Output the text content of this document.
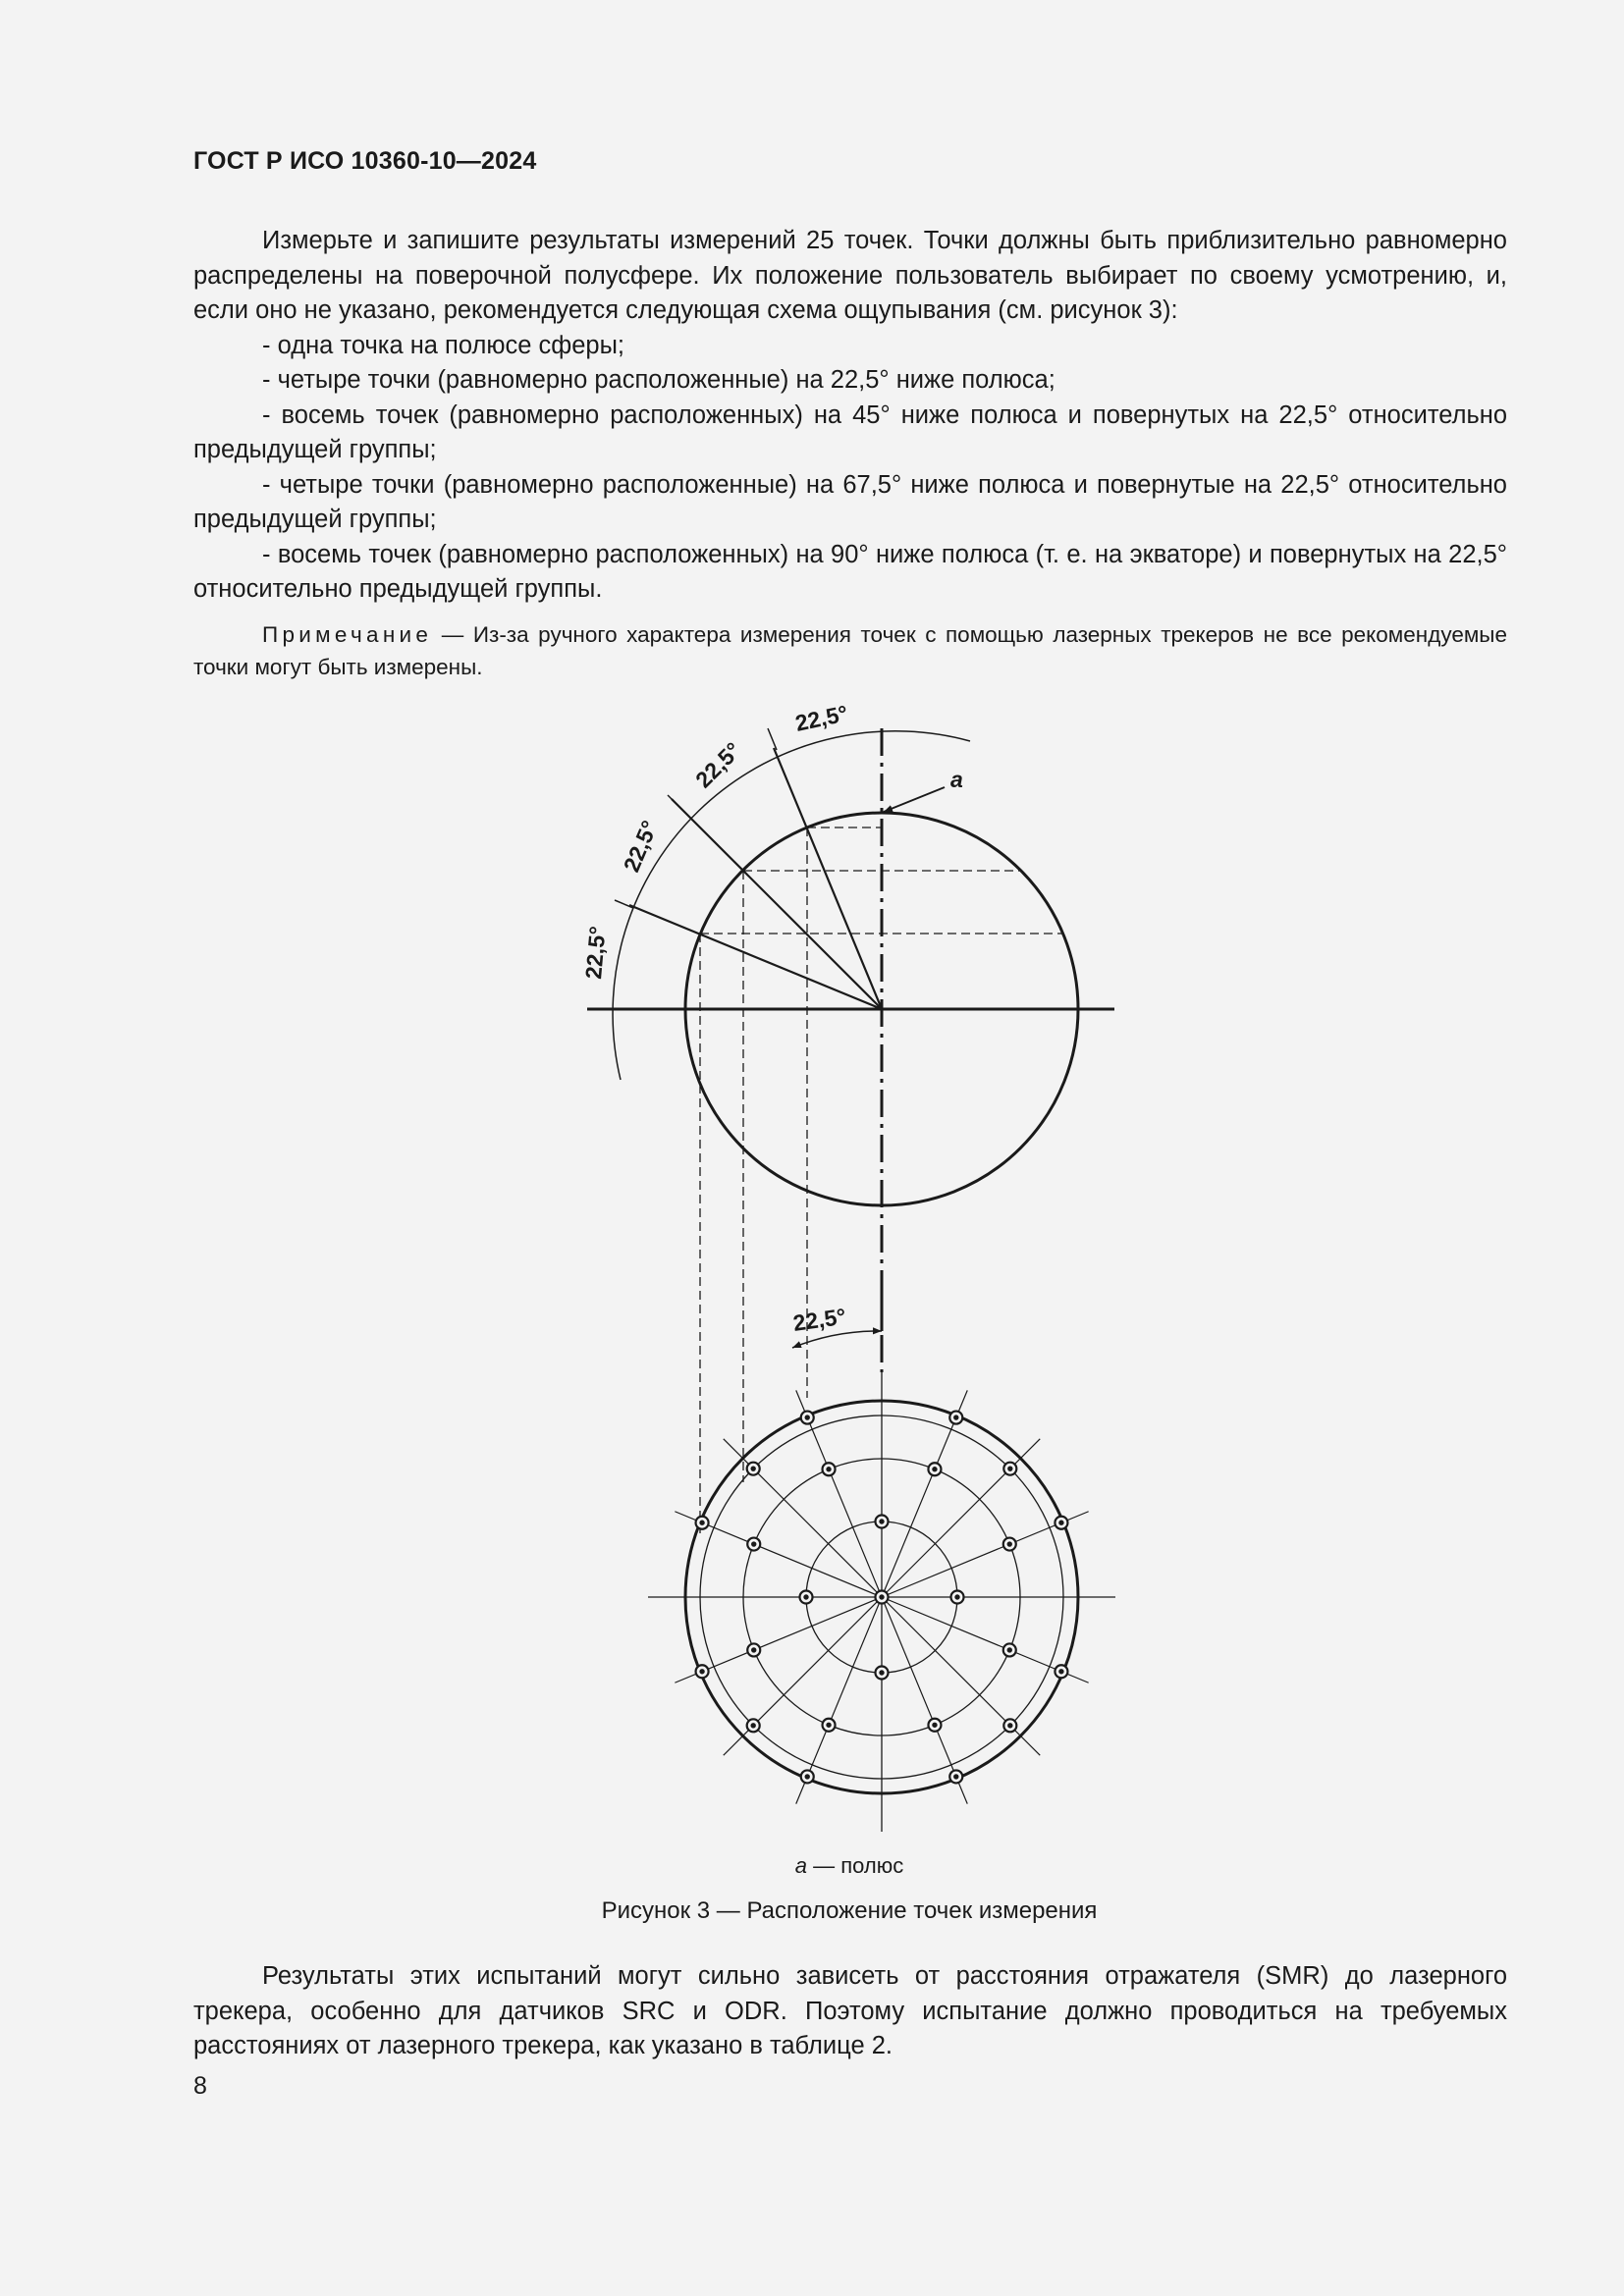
ГОСТ Р ИСО 10360-10—2024

Измерьте и запишите результаты измерений 25 точек. Точки должны быть приблизительно равномерно распределены на поверочной полусфере. Их положение пользователь выбирает по своему усмотрению, и, если оно не указано, рекомендуется следующая схема ощупывания (см. рисунок 3):

- одна точка на полюсе сферы;

- четыре точки (равномерно расположенные) на 22,5° ниже полюса;

- восемь точек (равномерно расположенных) на 45° ниже полюса и повернутых на 22,5° относительно предыдущей группы;

- четыре точки (равномерно расположенные) на 67,5° ниже полюса и повернутые на 22,5° относительно предыдущей группы;

- восемь точек (равномерно расположенных) на 90° ниже полюса (т. е. на экваторе) и повернутых на 22,5° относительно предыдущей группы.

Примечание — Из-за ручного характера измерения точек с помощью лазерных трекеров не все рекомендуемые точки могут быть измерены.
22,5°
22,5°
22,5°
22,5°
a
22,5°
a — полюс
Рисунок 3 — Расположение точек измерения

Результаты этих испытаний могут сильно зависеть от расстояния отражателя (SMR) до лазерного трекера, особенно для датчиков SRC и ODR. Поэтому испытание должно проводиться на требуемых расстояниях от лазерного трекера, как указано в таблице 2.

8
